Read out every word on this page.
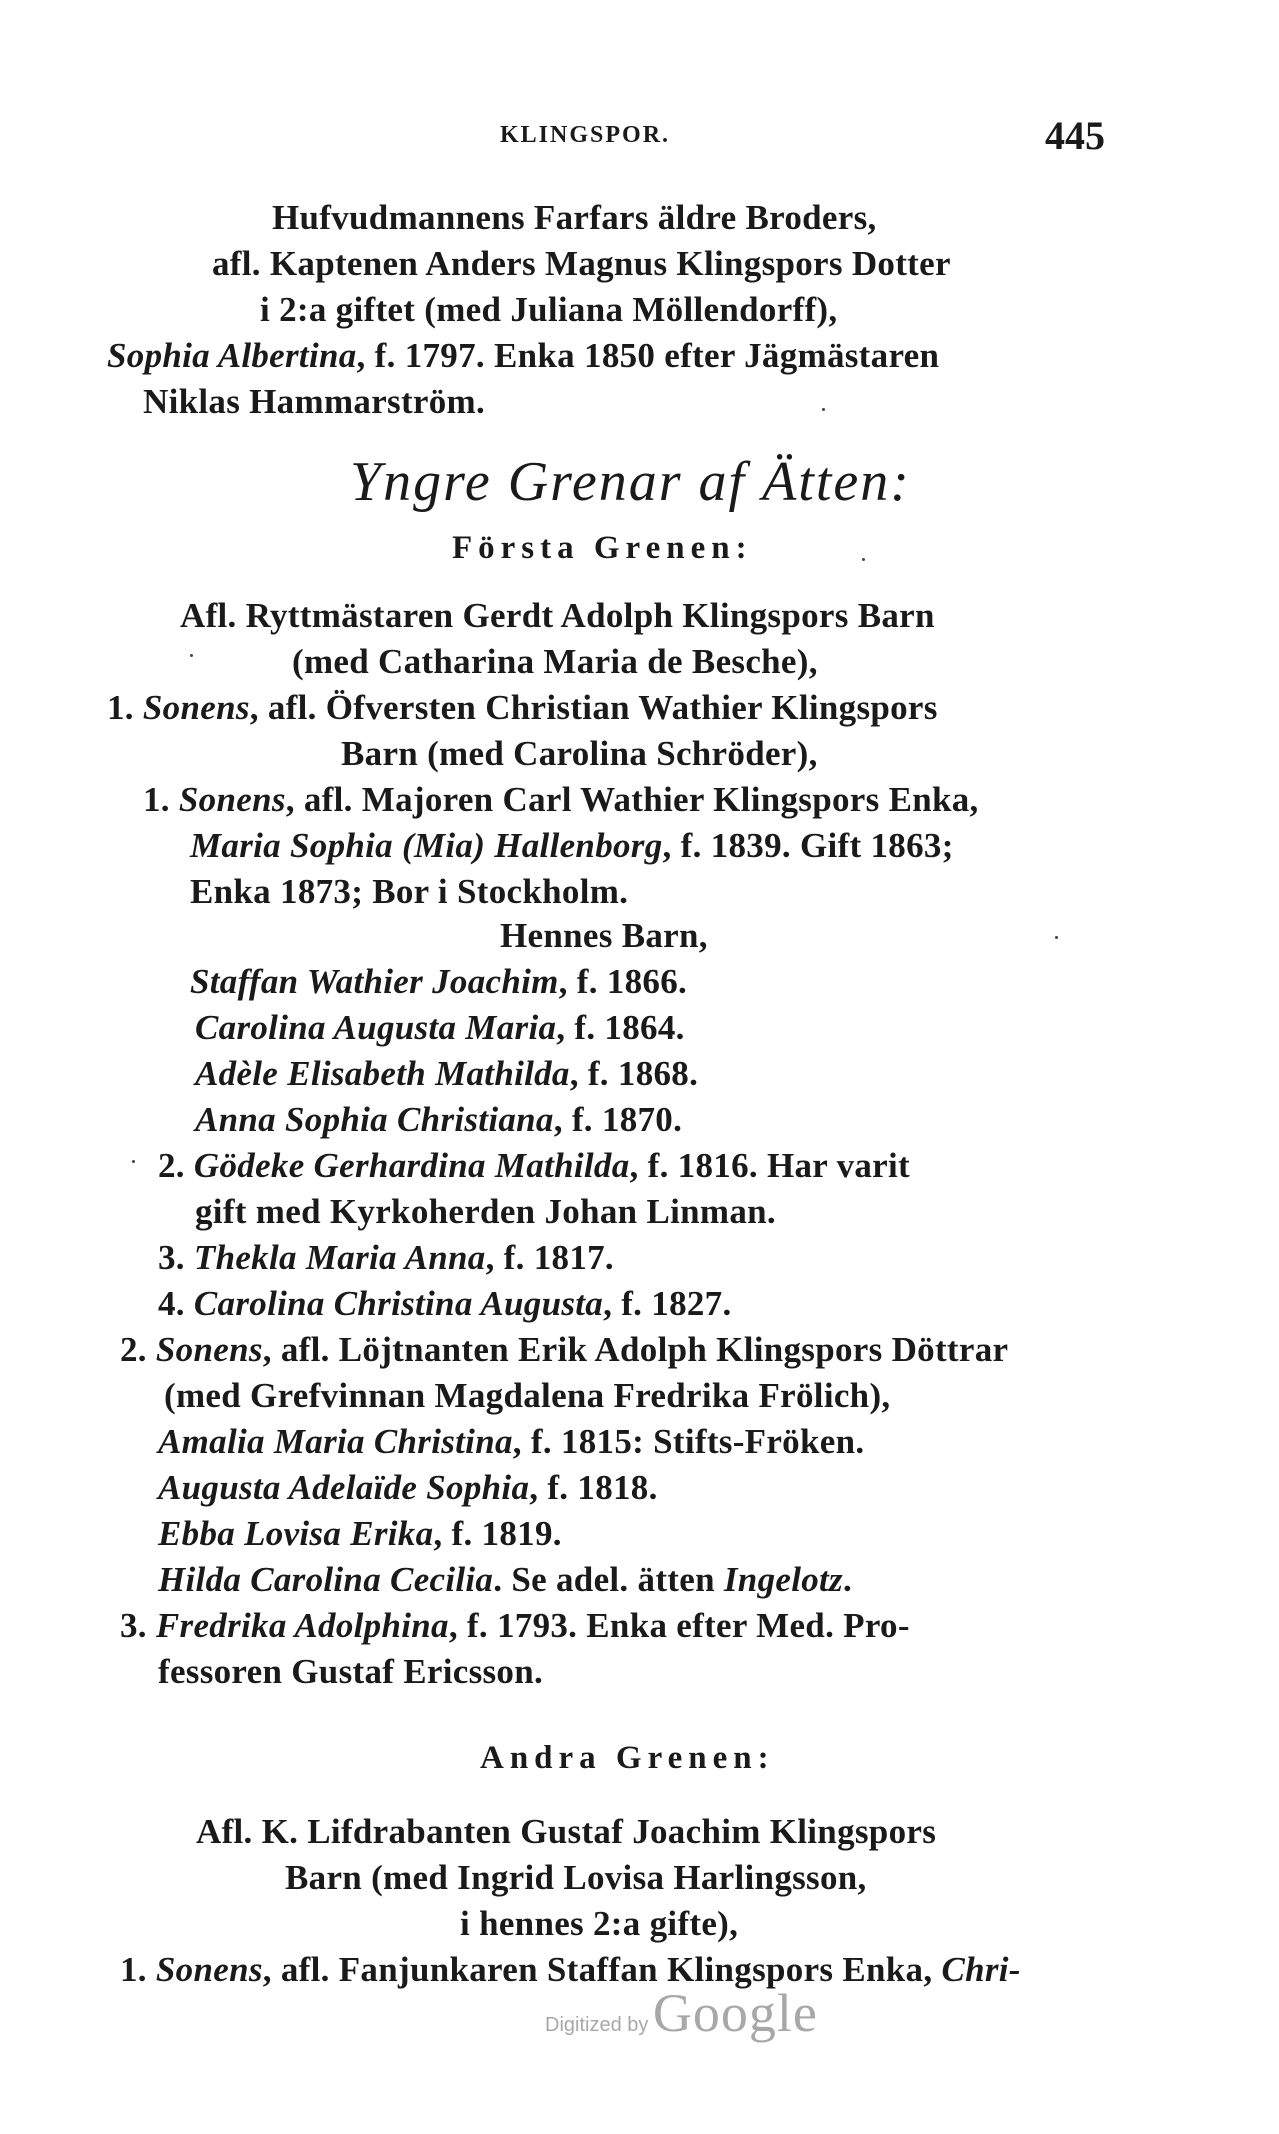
KLINGSPOR.	445
Hufvudmannens Farfars äldre Broders,
afl. Kaptenen Anders Magnus Klingspors Dotter
i 2:a giftet (med Juliana Möllendorff),
Sophia Albertina, f. 1797. Enka 1850 efter Jägmästaren
Niklas Hammarström.
Yngre Grenar af Ätten:
Första Grenen:
Afl. Ryttmästaren Gerdt Adolph Klingspors Barn
(med Catharina Maria de Besche),
1. Sonens, afl. Öfversten Christian Wathier Klingspors
Barn (med Carolina Schröder),
1. Sonens, afl. Majoren Carl Wathier Klingspors Enka,
Maria Sophia (Mia) Hallenborg, f. 1839. Gift 1863;
Enka 1873; Bor i Stockholm.
Hennes Barn,
Staffan Wathier Joachim, f. 1866.
Carolina Augusta Maria, f. 1864.
Adèle Elisabeth Mathilda, f. 1868.
Anna Sophia Christiana, f. 1870.
2. Gödeke Gerhardina Mathilda, f. 1816. Har varit
gift med Kyrkoherden Johan Linman.
3. Thekla Maria Anna, f. 1817.
4. Carolina Christina Augusta, f. 1827.
2. Sonens, afl. Löjtnanten Erik Adolph Klingspors Döttrar
(med Grefvinnan Magdalena Fredrika Frölich),
Amalia Maria Christina, f. 1815: Stifts-Fröken.
Augusta Adelaïde Sophia, f. 1818.
Ebba Lovisa Erika, f. 1819.
Hilda Carolina Cecilia. Se adel. ätten Ingelotz.
3. Fredrika Adolphina, f. 1793. Enka efter Med. Pro-
fessoren Gustaf Ericsson.
Andra Grenen:
Afl. K. Lifdrabanten Gustaf Joachim Klingspors
Barn (med Ingrid Lovisa Harlingsson,
i hennes 2:a gifte),
1. Sonens, afl. Fanjunkaren Staffan Klingspors Enka, Chri-
Digitized by Google
